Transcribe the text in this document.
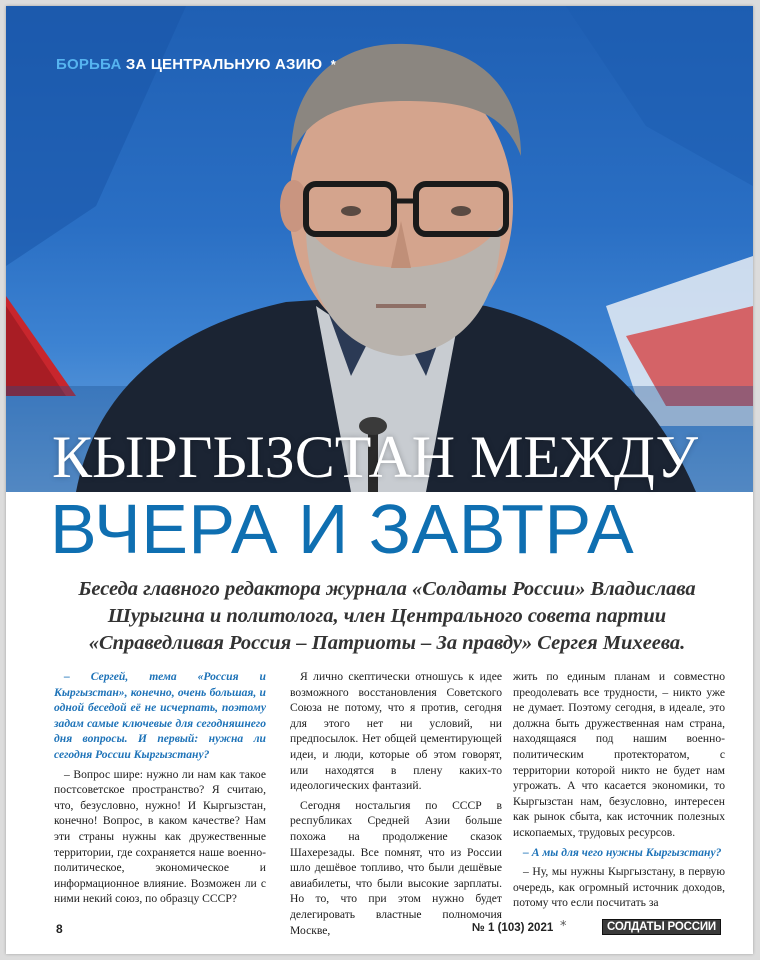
БОРЬБА ЗА ЦЕНТРАЛЬНУЮ АЗИЮ *
КЫРГЫЗСТАН МЕЖДУ
ВЧЕРА И ЗАВТРА
Беседа главного редактора журнала «Солдаты России» Владислава Шурыгина и политолога, член Центрального совета партии «Справедливая Россия – Патриоты – За правду» Сергея Михеева.

– Сергей, тема «Россия и Кыргызстан», конечно, очень большая, и одной беседой её не исчерпать, поэтому задам самые ключевые для сегодняшнего дня вопросы. И первый: нужна ли сегодня России Кыргызстану?

– Вопрос шире: нужно ли нам как такое постсоветское пространство? Я считаю, что, безусловно, нужно! И Кыргызстан, конечно! Вопрос, в каком качестве? Нам эти страны нужны как дружественные территории, где сохраняется наше военно-политическое, экономическое и информационное влияние. Возможен ли с ними некий союз, по образцу СССР?

Я лично скептически отношусь к идее возможного восстановления Советского Союза не потому, что я против, сегодня для этого нет ни условий, ни предпосылок. Нет общей цементирующей идеи, и люди, которые об этом говорят, или находятся в плену каких-то идеологических фантазий.

Сегодня ностальгия по СССР в республиках Средней Азии больше похожа на продолжение сказок Шахерезады. Все помнят, что из России шло дешёвое топливо, что были дешёвые авиабилеты, что были высокие зарплаты. Но то, что при этом нужно будет делегировать властные полномочия Москве,

жить по единым планам и совместно преодолевать все трудности, – никто уже не думает. Поэтому сегодня, в идеале, это должна быть дружественная нам страна, находящаяся под нашим военно-политическим протекторатом, с территории которой никто не будет нам угрожать. А что касается экономики, то Кыргызстан нам, безусловно, интересен как рынок сбыта, как источник полезных ископаемых, трудовых ресурсов.

– А мы для чего нужны Кыргызстану?

– Ну, мы нужны Кыргызстану, в первую очередь, как огромный источник доходов, потому что если посчитать за

8	№ 1 (103) 2021 *	СОЛДАТЫ РОССИИ
